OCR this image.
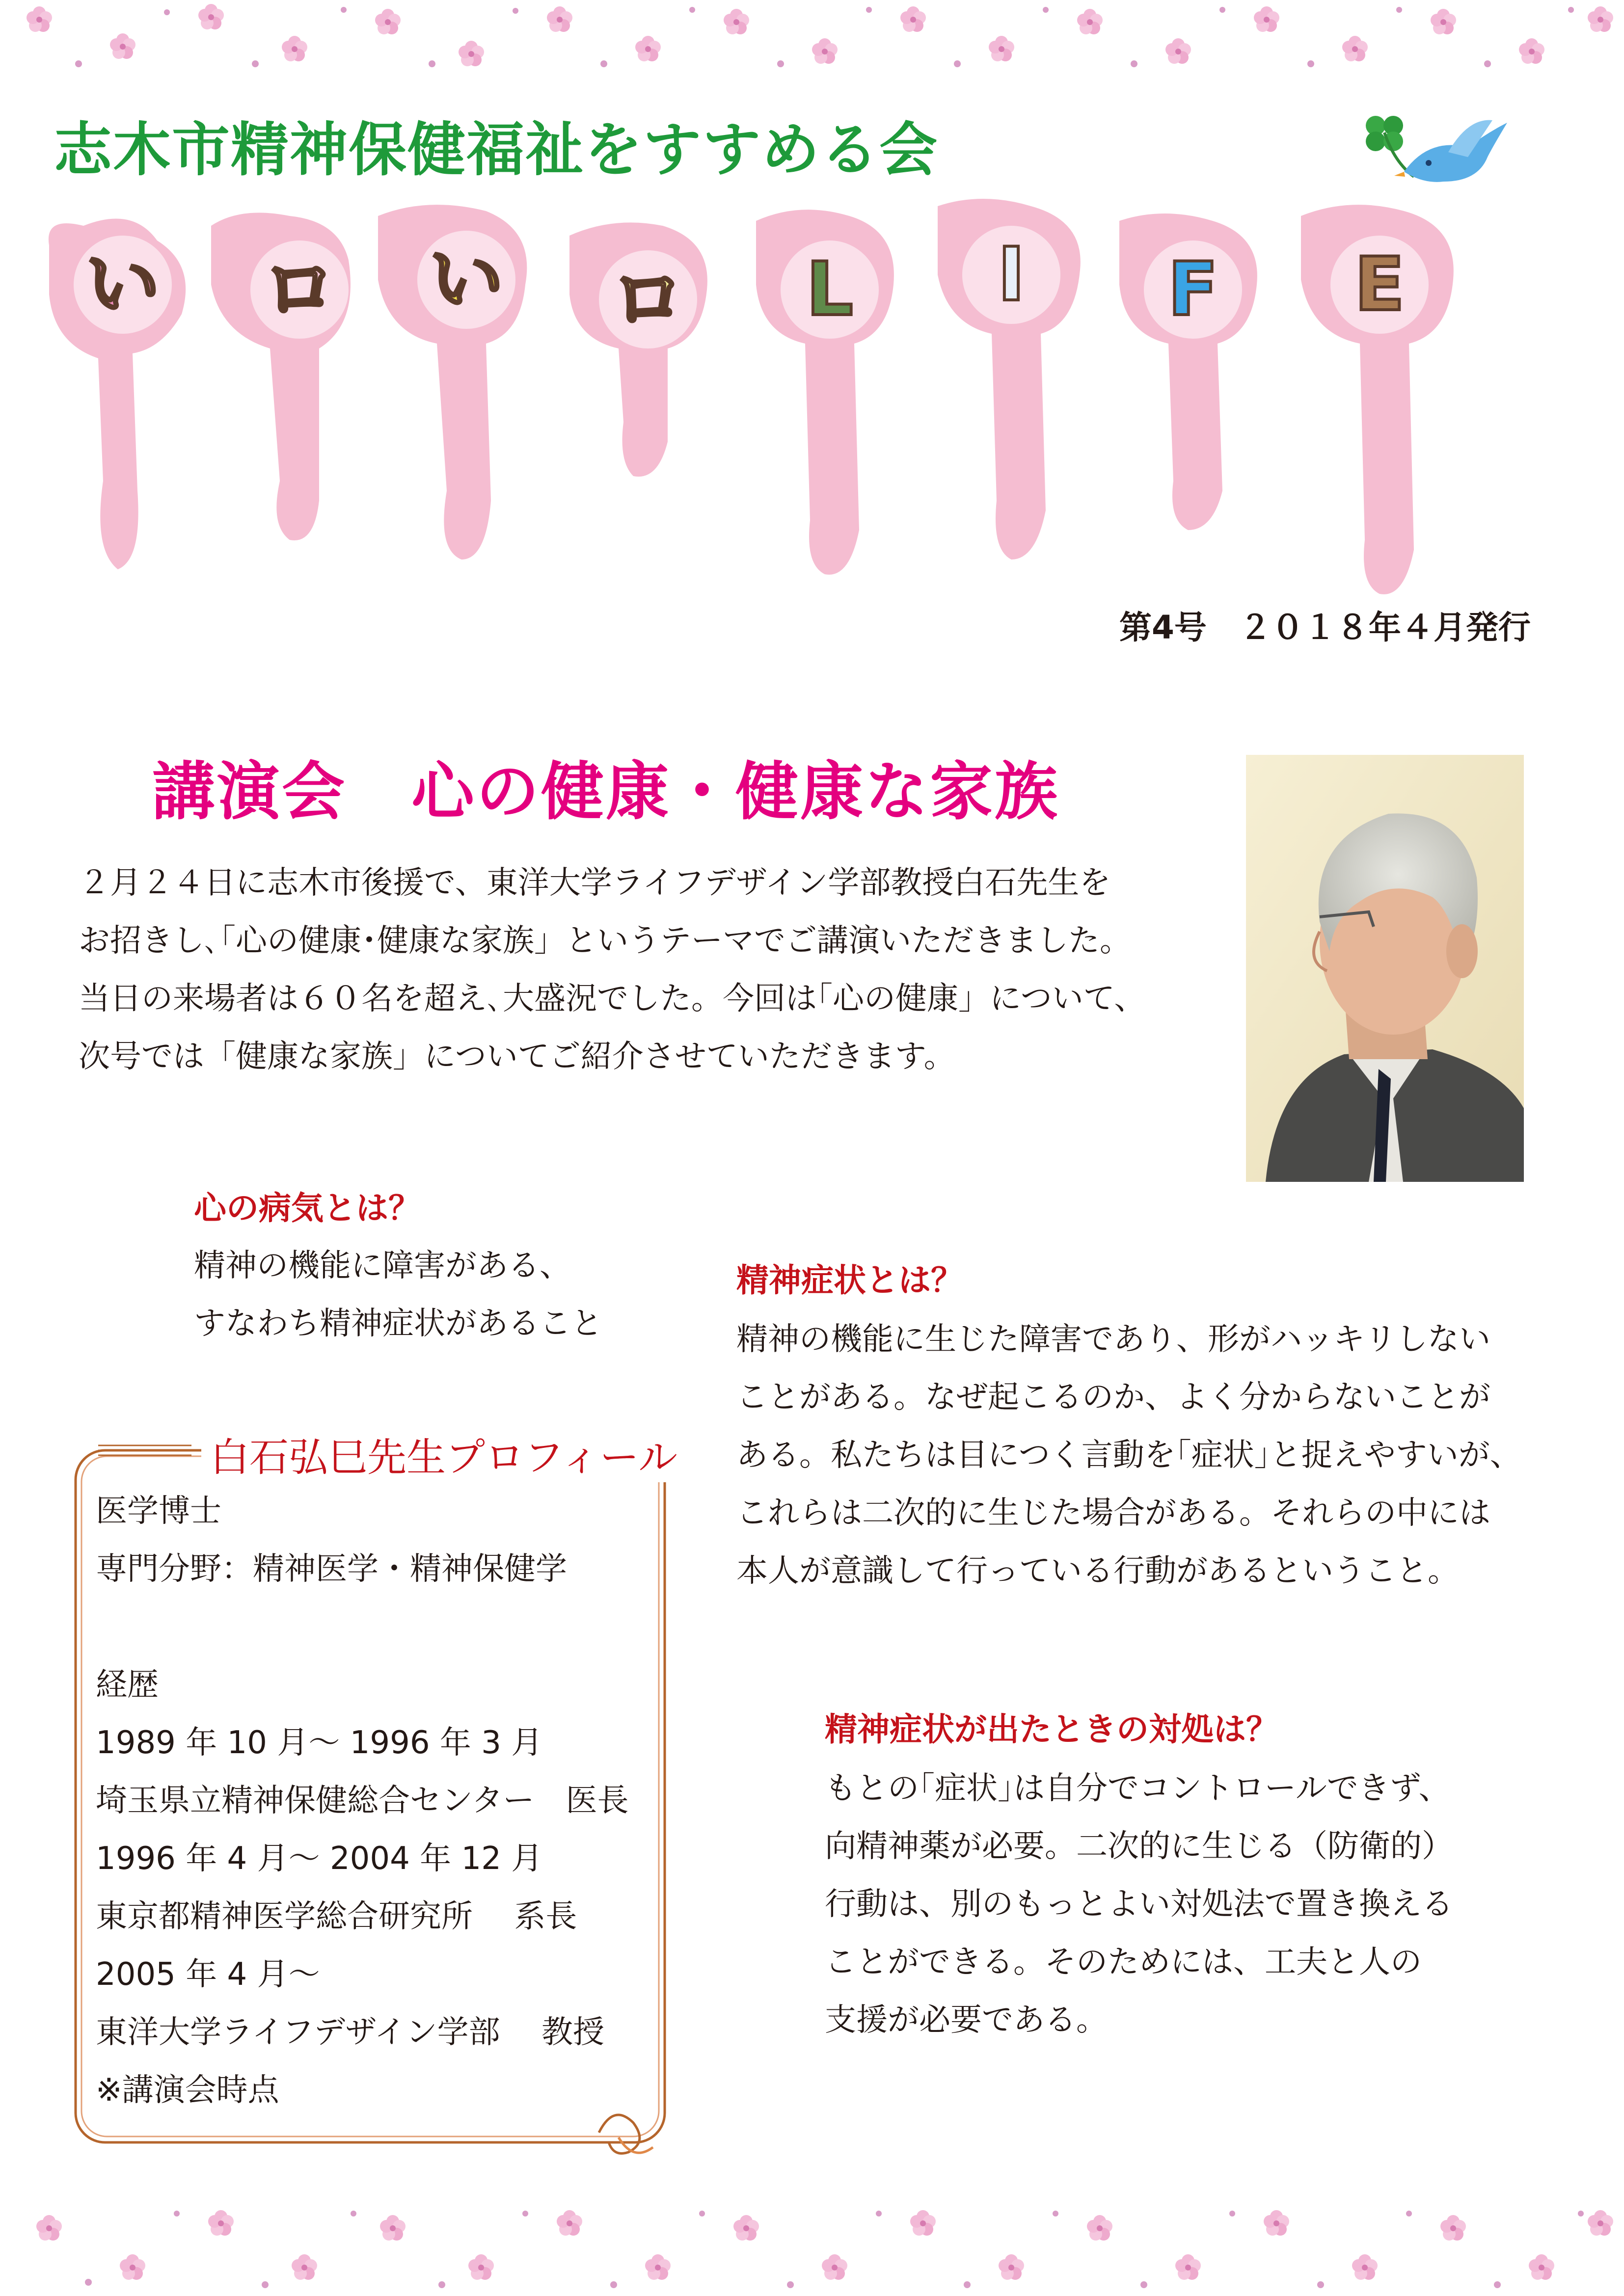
志木市精神保健福祉をすすめる会
い ロ い ロ L I F E
第4号　２０１８年４月発行
講演会　心の健康・健康な家族
２月２４日に志木市後援で、東洋大学ライフデザイン学部教授白石先生を
お招きし､｢心の健康･健康な家族」というテーマでご講演いただきました。
当日の来場者は６０名を超え､大盛況でした。今回は｢心の健康」について、
次号では「健康な家族」についてご紹介させていただきます。
心の病気とは？
精神の機能に障害がある、
すなわち精神症状があること
精神症状とは？
精神の機能に生じた障害であり、形がハッキリしない
ことがある。なぜ起こるのか、よく分からないことが
ある。私たちは目につく言動を｢症状｣と捉えやすいが、
これらは二次的に生じた場合がある。それらの中には
本人が意識して行っている行動があるということ。
精神症状が出たときの対処は？
もとの｢症状｣は自分でコントロールできず、
向精神薬が必要。二次的に生じる（防衛的）
行動は、別のもっとよい対処法で置き換える
ことができる。そのためには、工夫と人の
支援が必要である。
白石弘巳先生プロフィール
医学博士
専門分野：精神医学・精神保健学
経歴
1989 年 10 月～ 1996 年 3 月
埼玉県立精神保健総合センター　医長
1996 年 4 月～ 2004 年 12 月
東京都精神医学総合研究所　 系長
2005 年 4 月～
東洋大学ライフデザイン学部 　教授
※講演会時点
